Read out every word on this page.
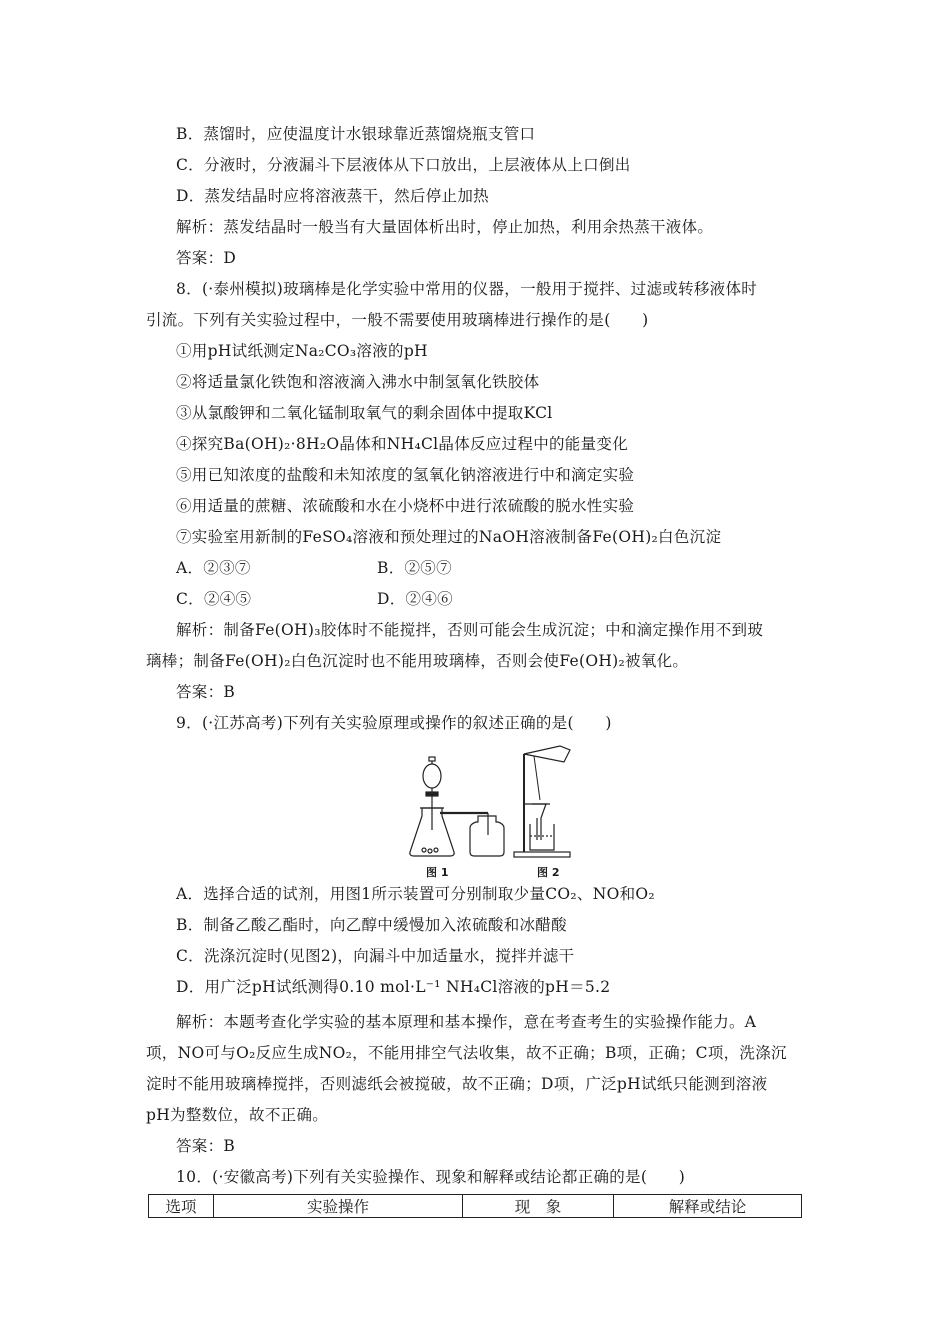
B．蒸馏时，应使温度计水银球靠近蒸馏烧瓶支管口
C．分液时，分液漏斗下层液体从下口放出，上层液体从上口倒出
D．蒸发结晶时应将溶液蒸干，然后停止加热
解析：蒸发结晶时一般当有大量固体析出时，停止加热，利用余热蒸干液体。
答案：D
8．(·泰州模拟)玻璃棒是化学实验中常用的仪器，一般用于搅拌、过滤或转移液体时
引流。下列有关实验过程中，一般不需要使用玻璃棒进行操作的是(　　)
①用pH试纸测定Na₂CO₃溶液的pH
②将适量氯化铁饱和溶液滴入沸水中制氢氧化铁胶体
③从氯酸钾和二氧化锰制取氧气的剩余固体中提取KCl
④探究Ba(OH)₂·8H₂O晶体和NH₄Cl晶体反应过程中的能量变化
⑤用已知浓度的盐酸和未知浓度的氢氧化钠溶液进行中和滴定实验
⑥用适量的蔗糖、浓硫酸和水在小烧杯中进行浓硫酸的脱水性实验
⑦实验室用新制的FeSO₄溶液和预处理过的NaOH溶液制备Fe(OH)₂白色沉淀
A．②③⑦	B．②⑤⑦
C．②④⑤	D．②④⑥
解析：制备Fe(OH)₃胶体时不能搅拌，否则可能会生成沉淀；中和滴定操作用不到玻
璃棒；制备Fe(OH)₂白色沉淀时也不能用玻璃棒，否则会使Fe(OH)₂被氧化。
答案：B
9．(·江苏高考)下列有关实验原理或操作的叙述正确的是(　　)
图 1	图 2
A．选择合适的试剂，用图1所示装置可分别制取少量CO₂、NO和O₂
B．制备乙酸乙酯时，向乙醇中缓慢加入浓硫酸和冰醋酸
C．洗涤沉淀时(见图2)，向漏斗中加适量水，搅拌并滤干
D．用广泛pH试纸测得0.10 mol·L⁻¹ NH₄Cl溶液的pH＝5.2
解析：本题考查化学实验的基本原理和基本操作，意在考查考生的实验操作能力。A
项，NO可与O₂反应生成NO₂，不能用排空气法收集，故不正确；B项，正确；C项，洗涤沉
淀时不能用玻璃棒搅拌，否则滤纸会被搅破，故不正确；D项，广泛pH试纸只能测到溶液
pH为整数位，故不正确。
答案：B
10．(·安徽高考)下列有关实验操作、现象和解释或结论都正确的是(　　)
选项	实验操作	现　象	解释或结论
